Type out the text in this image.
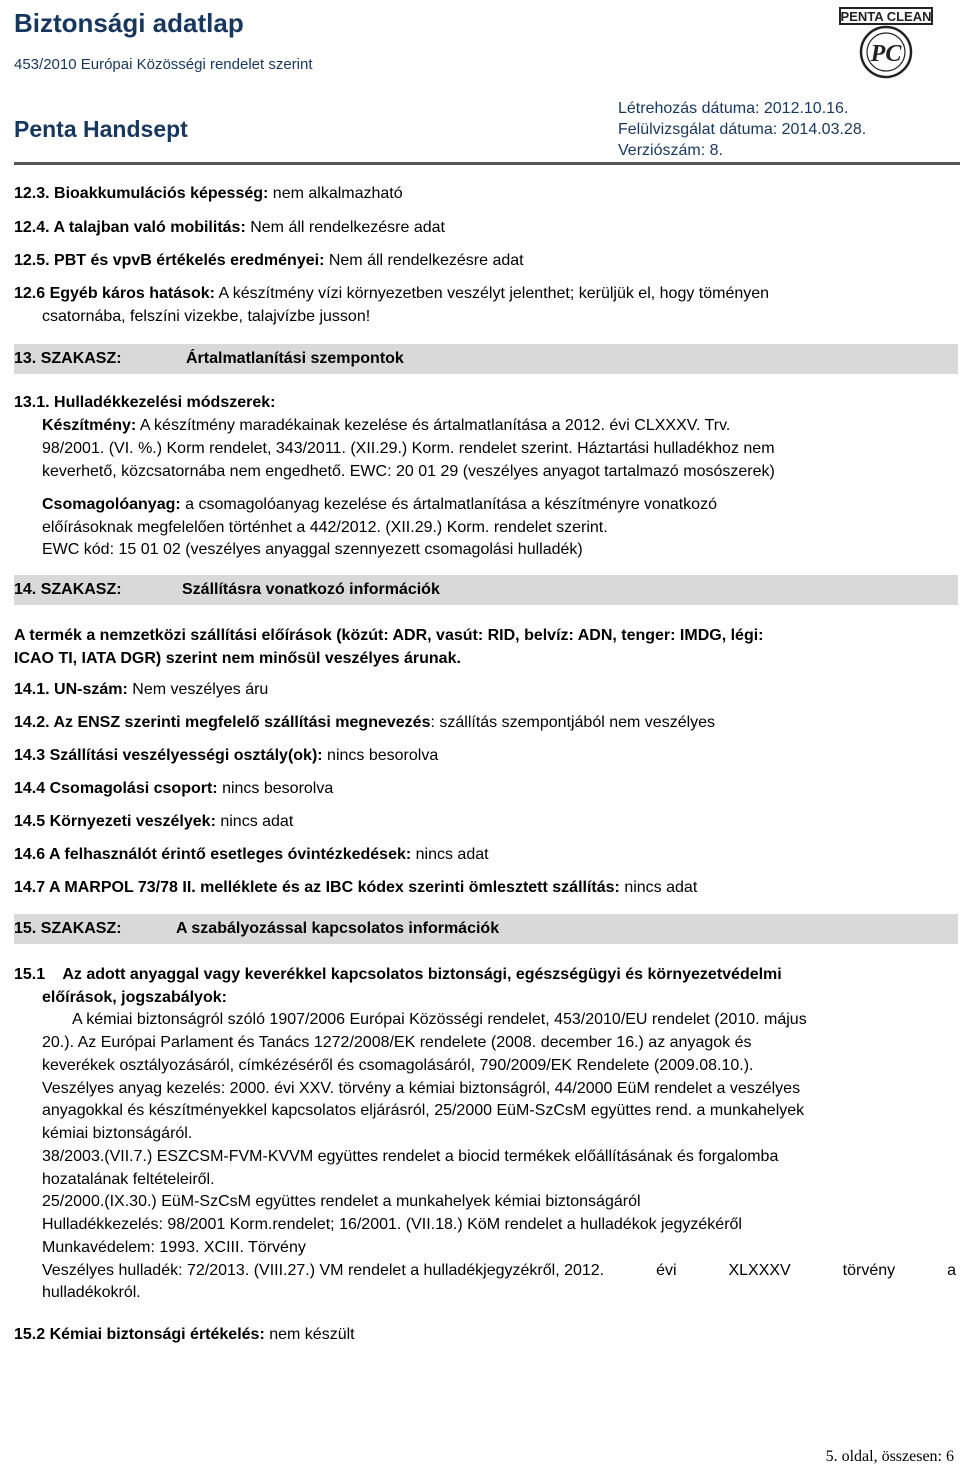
Biztonsági adatlap
453/2010 Európai Közösségi rendelet szerint
Penta Handsept
Létrehozás dátuma: 2012.10.16.
Felülvizsgálat dátuma: 2014.03.28.
Verziószám: 8.
PENTA CLEAN
PC
12.3. Bioakkumulációs képesség: nem alkalmazható
12.4. A talajban való mobilitás: Nem áll rendelkezésre adat
12.5. PBT és vpvB értékelés eredményei: Nem áll rendelkezésre adat
12.6 Egyéb káros hatások: A készítmény vízi környezetben veszélyt jelenthet; kerüljük el, hogy töményen
csatornába, felszíni vizekbe, talajvízbe jusson!
13. SZAKASZ:	Ártalmatlanítási szempontok
13.1. Hulladékkezelési módszerek:
Készítmény: A készítmény maradékainak kezelése és ártalmatlanítása a 2012. évi CLXXXV. Trv.
98/2001. (VI. %.) Korm rendelet, 343/2011. (XII.29.) Korm. rendelet szerint. Háztartási hulladékhoz nem
keverhető, közcsatornába nem engedhető. EWC: 20 01 29 (veszélyes anyagot tartalmazó mosószerek)
Csomagolóanyag: a csomagolóanyag kezelése és ártalmatlanítása a készítményre vonatkozó
előírásoknak megfelelően történhet a 442/2012. (XII.29.) Korm. rendelet szerint.
EWC kód: 15 01 02 (veszélyes anyaggal szennyezett csomagolási hulladék)
14. SZAKASZ:	Szállításra vonatkozó információk
A termék a nemzetközi szállítási előírások (közút: ADR, vasút: RID, belvíz: ADN, tenger: IMDG, légi:
ICAO TI, IATA DGR) szerint nem minősül veszélyes árunak.
14.1. UN-szám: Nem veszélyes áru
14.2. Az ENSZ szerinti megfelelő szállítási megnevezés: szállítás szempontjából nem veszélyes
14.3 Szállítási veszélyességi osztály(ok): nincs besorolva
14.4 Csomagolási csoport: nincs besorolva
14.5 Környezeti veszélyek: nincs adat
14.6 A felhasználót érintő esetleges óvintézkedések: nincs adat
14.7 A MARPOL 73/78 II. melléklete és az IBC kódex szerinti ömlesztett szállítás: nincs adat
15. SZAKASZ:	A szabályozással kapcsolatos információk
15.1    Az adott anyaggal vagy keverékkel kapcsolatos biztonsági, egészségügyi és környezetvédelmi
előírások, jogszabályok:
A kémiai biztonságról szóló 1907/2006 Európai Közösségi rendelet, 453/2010/EU rendelet (2010. május
20.). Az Európai Parlament és Tanács 1272/2008/EK rendelete (2008. december 16.) az anyagok és
keverékek osztályozásáról, címkézéséről és csomagolásáról, 790/2009/EK Rendelete (2009.08.10.).
Veszélyes anyag kezelés: 2000. évi XXV. törvény a kémiai biztonságról, 44/2000 EüM rendelet a veszélyes
anyagokkal és készítményekkel kapcsolatos eljárásról, 25/2000 EüM-SzCsM együttes rend. a munkahelyek
kémiai biztonságáról.
38/2003.(VII.7.) ESZCSM-FVM-KVVM együttes rendelet a biocid termékek előállításának és forgalomba
hozatalának feltételeiről.
25/2000.(IX.30.) EüM-SzCsM együttes rendelet a munkahelyek kémiai biztonságáról
Hulladékkezelés: 98/2001 Korm.rendelet; 16/2001. (VII.18.) KöM rendelet a hulladékok jegyzékéről
Munkavédelem: 1993. XCIII. Törvény
Veszélyes hulladék: 72/2013. (VIII.27.) VM rendelet a hulladékjegyzékről, 2012.	évi	XLXXXV	törvény	a
hulladékokról.
15.2 Kémiai biztonsági értékelés: nem készült
5. oldal, összesen: 6
